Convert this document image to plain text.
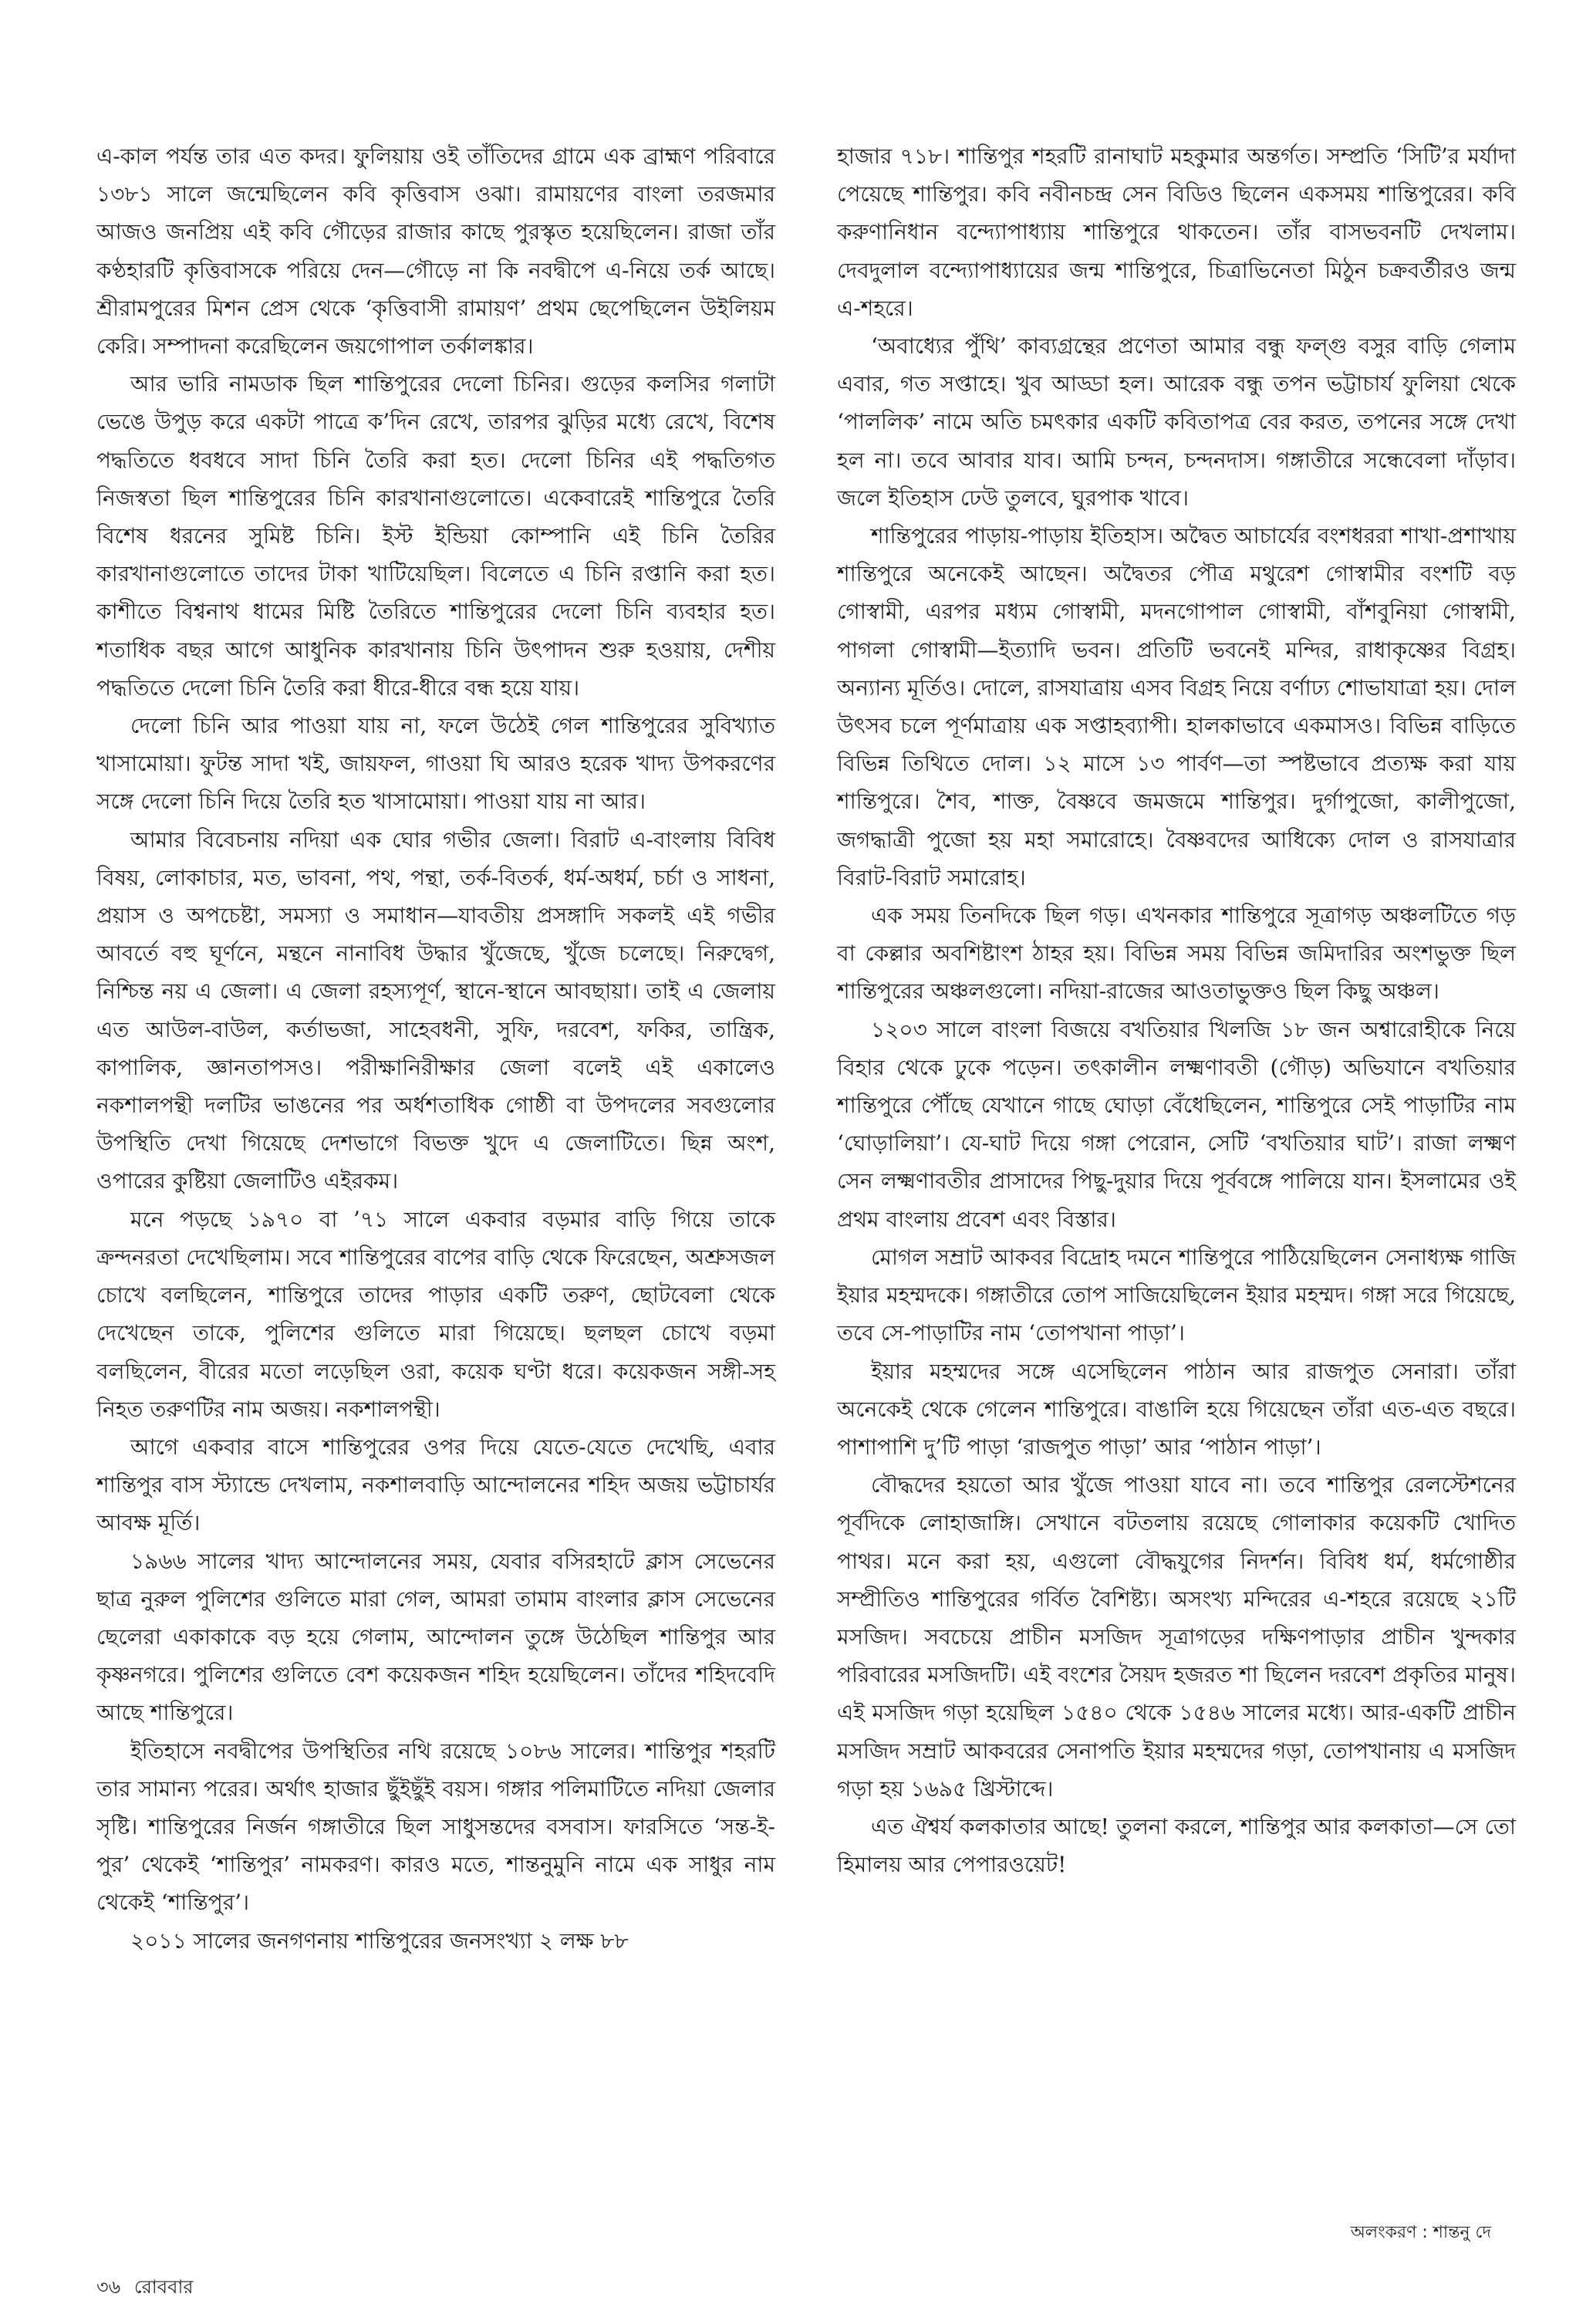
এ-কাল পর্যন্ত তার এত কদর। ফুলিয়ায় ওই তাঁতিদের গ্রামে এক ব্রাহ্মণ পরিবারে ১৩৮১ সালে জন্মেছিলেন কবি কৃত্তিবাস ওঝা। রামায়ণের বাংলা তরজমার আজও জনপ্রিয় এই কবি গৌড়ের রাজার কাছে পুরস্কৃত হয়েছিলেন। রাজা তাঁর কণ্ঠহারটি কৃত্তিবাসকে পরিয়ে দেন—গৌড়ে না কি নবদ্বীপে এ-নিয়ে তর্ক আছে। শ্রীরামপুরের মিশন প্রেস থেকে ‘কৃত্তিবাসী রামায়ণ’ প্রথম ছেপেছিলেন উইলিয়ম কেরি। সম্পাদনা করেছিলেন জয়গোপাল তর্কালঙ্কার।

আর ভারি নামডাক ছিল শান্তিপুরের দেলো চিনির। গুড়ের কলসির গলাটা ভেঙে উপুড় করে একটা পাত্রে ক’দিন রেখে, তারপর ঝুড়ির মধ্যে রেখে, বিশেষ পদ্ধতিতে ধবধবে সাদা চিনি তৈরি করা হত। দেলো চিনির এই পদ্ধতিগত নিজস্বতা ছিল শান্তিপুরের চিনি কারখানাগুলোতে। একেবারেই শান্তিপুরে তৈরি বিশেষ ধরনের সুমিষ্ট চিনি। ইস্ট ইন্ডিয়া কোম্পানি এই চিনি তৈরির কারখানাগুলোতে তাদের টাকা খাটিয়েছিল। বিলেতে এ চিনি রপ্তানি করা হত। কাশীতে বিশ্বনাথ ধামের মিষ্টি তৈরিতে শান্তিপুরের দেলো চিনি ব্যবহার হত। শতাধিক বছর আগে আধুনিক কারখানায় চিনি উৎপাদন শুরু হওয়ায়, দেশীয় পদ্ধতিতে দেলো চিনি তৈরি করা ধীরে-ধীরে বন্ধ হয়ে যায়।

দেলো চিনি আর পাওয়া যায় না, ফলে উঠেই গেল শান্তিপুরের সুবিখ্যাত খাসামোয়া। ফুটন্ত সাদা খই, জায়ফল, গাওয়া ঘি আরও হরেক খাদ্য উপকরণের সঙ্গে দেলো চিনি দিয়ে তৈরি হত খাসামোয়া। পাওয়া যায় না আর।

আমার বিবেচনায় নদিয়া এক ঘোর গভীর জেলা। বিরাট এ-বাংলায় বিবিধ বিষয়, লোকাচার, মত, ভাবনা, পথ, পন্থা, তর্ক-বিতর্ক, ধর্ম-অধর্ম, চর্চা ও সাধনা, প্রয়াস ও অপচেষ্টা, সমস্যা ও সমাধান—যাবতীয় প্রসঙ্গাদি সকলই এই গভীর আবর্তে বহু ঘূর্ণনে, মন্থনে নানাবিধ উদ্ধার খুঁজেছে, খুঁজে চলেছে। নিরুদ্বেগ, নিশ্চিন্ত নয় এ জেলা। এ জেলা রহস্যপূর্ণ, স্থানে-স্থানে আবছায়া। তাই এ জেলায় এত আউল-বাউল, কর্তাভজা, সাহেবধনী, সুফি, দরবেশ, ফকির, তান্ত্রিক, কাপালিক, জ্ঞানতাপসও। পরীক্ষানিরীক্ষার জেলা বলেই এই একালেও নকশালপন্থী দলটির ভাঙনের পর অর্ধশতাধিক গোষ্ঠী বা উপদলের সবগুলোর উপস্থিতি দেখা গিয়েছে দেশভাগে বিভক্ত খুদে এ জেলাটিতে। ছিন্ন অংশ, ওপারের কুষ্টিয়া জেলাটিও এইরকম।

মনে পড়ছে ১৯৭০ বা ’৭১ সালে একবার বড়মার বাড়ি গিয়ে তাকে ক্রন্দনরতা দেখেছিলাম। সবে শান্তিপুরের বাপের বাড়ি থেকে ফিরেছেন, অশ্রুসজল চোখে বলছিলেন, শান্তিপুরে তাদের পাড়ার একটি তরুণ, ছোটবেলা থেকে দেখেছেন তাকে, পুলিশের গুলিতে মারা গিয়েছে। ছলছল চোখে বড়মা বলছিলেন, বীরের মতো লড়েছিল ওরা, কয়েক ঘণ্টা ধরে। কয়েকজন সঙ্গী-সহ নিহত তরুণটির নাম অজয়। নকশালপন্থী।

আগে একবার বাসে শান্তিপুরের ওপর দিয়ে যেতে-যেতে দেখেছি, এবার শান্তিপুর বাস স্ট্যান্ডে দেখলাম, নকশালবাড়ি আন্দোলনের শহিদ অজয় ভট্টাচার্যর আবক্ষ মূর্তি।

১৯৬৬ সালের খাদ্য আন্দোলনের সময়, যেবার বসিরহাটে ক্লাস সেভেনের ছাত্র নুরুল পুলিশের গুলিতে মারা গেল, আমরা তামাম বাংলার ক্লাস সেভেনের ছেলেরা একাকাকে বড় হয়ে গেলাম, আন্দোলন তুঙ্গে উঠেছিল শান্তিপুর আর কৃষ্ণনগরে। পুলিশের গুলিতে বেশ কয়েকজন শহিদ হয়েছিলেন। তাঁদের শহিদবেদি আছে শান্তিপুরে।

ইতিহাসে নবদ্বীপের উপস্থিতির নথি রয়েছে ১০৮৬ সালের। শান্তিপুর শহরটি তার সামান্য পরের। অর্থাৎ হাজার ছুঁইছুঁই বয়স। গঙ্গার পলিমাটিতে নদিয়া জেলার সৃষ্টি। শান্তিপুরের নির্জন গঙ্গাতীরে ছিল সাধুসন্তদের বসবাস। ফারসিতে ‘সন্ত-ই-পুর’ থেকেই ‘শান্তিপুর’ নামকরণ। কারও মতে, শান্তনুমুনি নামে এক সাধুর নাম থেকেই ‘শান্তিপুর’।

২০১১ সালের জনগণনায় শান্তিপুরের জনসংখ্যা ২ লক্ষ ৮৮

হাজার ৭১৮। শান্তিপুর শহরটি রানাঘাট মহকুমার অন্তর্গত। সম্প্রতি ‘সিটি’র মর্যাদা পেয়েছে শান্তিপুর। কবি নবীনচন্দ্র সেন বিডিও ছিলেন একসময় শান্তিপুরের। কবি করুণানিধান বন্দ্যোপাধ্যায় শান্তিপুরে থাকতেন। তাঁর বাসভবনটি দেখলাম। দেবদুলাল বন্দ্যোপাধ্যায়ের জন্ম শান্তিপুরে, চিত্রাভিনেতা মিঠুন চক্রবর্তীরও জন্ম এ-শহরে।

‘অবাধ্যের পুঁথি’ কাব্যগ্রন্থের প্রণেতা আমার বন্ধু ফল্গু বসুর বাড়ি গেলাম এবার, গত সপ্তাহে। খুব আড্ডা হল। আরেক বন্ধু তপন ভট্টাচার্য ফুলিয়া থেকে ‘পাললিক’ নামে অতি চমৎকার একটি কবিতাপত্র বের করত, তপনের সঙ্গে দেখা হল না। তবে আবার যাব। আমি চন্দন, চন্দনদাস। গঙ্গাতীরে সন্ধেবেলা দাঁড়াব। জলে ইতিহাস ঢেউ তুলবে, ঘুরপাক খাবে।

শান্তিপুরের পাড়ায়-পাড়ায় ইতিহাস। অদ্বৈত আচার্যের বংশধররা শাখা-প্রশাখায় শান্তিপুরে অনেকেই আছেন। অদ্বৈতর পৌত্র মথুরেশ গোস্বামীর বংশটি বড় গোস্বামী, এরপর মধ্যম গোস্বামী, মদনগোপাল গোস্বামী, বাঁশবুনিয়া গোস্বামী, পাগলা গোস্বামী—ইত্যাদি ভবন। প্রতিটি ভবনেই মন্দির, রাধাকৃষ্ণের বিগ্রহ। অন্যান্য মূর্তিও। দোলে, রাসযাত্রায় এসব বিগ্রহ নিয়ে বর্ণাঢ্য শোভাযাত্রা হয়। দোল উৎসব চলে পূর্ণমাত্রায় এক সপ্তাহব্যাপী। হালকাভাবে একমাসও। বিভিন্ন বাড়িতে বিভিন্ন তিথিতে দোল। ১২ মাসে ১৩ পার্বণ—তা স্পষ্টভাবে প্রত্যক্ষ করা যায় শান্তিপুরে। শৈব, শাক্ত, বৈষ্ণবে জমজমে শান্তিপুর। দুর্গাপুজো, কালীপুজো, জগদ্ধাত্রী পুজো হয় মহা সমারোহে। বৈষ্ণবদের আধিক্যে দোল ও রাসযাত্রার বিরাট-বিরাট সমারোহ।

এক সময় তিনদিকে ছিল গড়। এখনকার শান্তিপুরে সূত্রাগড় অঞ্চলটিতে গড় বা কেল্লার অবশিষ্টাংশ ঠাহর হয়। বিভিন্ন সময় বিভিন্ন জমিদারির অংশভুক্ত ছিল শান্তিপুরের অঞ্চলগুলো। নদিয়া-রাজের আওতাভুক্তও ছিল কিছু অঞ্চল।

১২০৩ সালে বাংলা বিজয়ে বখতিয়ার খিলজি ১৮ জন অশ্বারোহীকে নিয়ে বিহার থেকে ঢুকে পড়েন। তৎকালীন লক্ষ্মণাবতী (গৌড়) অভিযানে বখতিয়ার শান্তিপুরে পৌঁছে যেখানে গাছে ঘোড়া বেঁধেছিলেন, শান্তিপুরে সেই পাড়াটির নাম ‘ঘোড়ালিয়া’। যে-ঘাট দিয়ে গঙ্গা পেরোন, সেটি ‘বখতিয়ার ঘাট’। রাজা লক্ষ্মণ সেন লক্ষ্মণাবতীর প্রাসাদের পিছু-দুয়ার দিয়ে পূর্ববঙ্গে পালিয়ে যান। ইসলামের ওই প্রথম বাংলায় প্রবেশ এবং বিস্তার।

মোগল সম্রাট আকবর বিদ্রোহ দমনে শান্তিপুরে পাঠিয়েছিলেন সেনাধ্যক্ষ গাজি ইয়ার মহম্মদকে। গঙ্গাতীরে তোপ সাজিয়েছিলেন ইয়ার মহম্মদ। গঙ্গা সরে গিয়েছে, তবে সে-পাড়াটির নাম ‘তোপখানা পাড়া’।

ইয়ার মহম্মদের সঙ্গে এসেছিলেন পাঠান আর রাজপুত সেনারা। তাঁরা অনেকেই থেকে গেলেন শান্তিপুরে। বাঙালি হয়ে গিয়েছেন তাঁরা এত-এত বছরে। পাশাপাশি দু’টি পাড়া ‘রাজপুত পাড়া’ আর ‘পাঠান পাড়া’।

বৌদ্ধদের হয়তো আর খুঁজে পাওয়া যাবে না। তবে শান্তিপুর রেলস্টেশনের পূর্বদিকে লোহাজাঙ্গি। সেখানে বটতলায় রয়েছে গোলাকার কয়েকটি খোদিত পাথর। মনে করা হয়, এগুলো বৌদ্ধযুগের নিদর্শন। বিবিধ ধর্ম, ধর্মগোষ্ঠীর সম্প্রীতিও শান্তিপুরের গর্বিত বৈশিষ্ট্য। অসংখ্য মন্দিরের এ-শহরে রয়েছে ২১টি মসজিদ। সবচেয়ে প্রাচীন মসজিদ সূত্রাগড়ের দক্ষিণপাড়ার প্রাচীন খুন্দকার পরিবারের মসজিদটি। এই বংশের সৈয়দ হজরত শা ছিলেন দরবেশ প্রকৃতির মানুষ। এই মসজিদ গড়া হয়েছিল ১৫৪০ থেকে ১৫৪৬ সালের মধ্যে। আর-একটি প্রাচীন মসজিদ সম্রাট আকবরের সেনাপতি ইয়ার মহম্মদের গড়া, তোপখানায় এ মসজিদ গড়া হয় ১৬৯৫ খ্রিস্টাব্দে।

এত ঐশ্বর্য কলকাতার আছে! তুলনা করলে, শান্তিপুর আর কলকাতা—সে তো হিমালয় আর পেপারওয়েট!

অলংকরণ : শান্তনু দে
৩৬ রোববার
